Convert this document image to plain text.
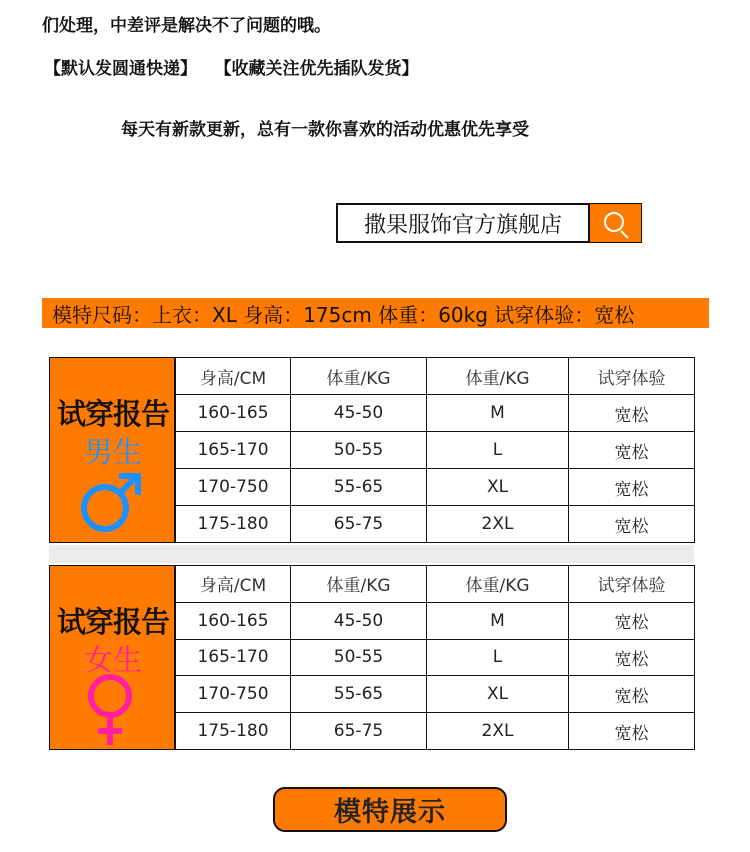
们处理，中差评是解决不了问题的哦。
【默认发圆通快递】 【收藏关注优先插队发货】
每天有新款更新，总有一款你喜欢的活动优惠优先享受
撒果服饰官方旗舰店
模特尺码：上衣：XL 身高：175cm 体重：60kg 试穿体验：宽松
试穿报告
男生
身高/CM	体重/KG	体重/KG	试穿体验
160-165	45-50	M	宽松
165-170	50-55	L	宽松
170-750	55-65	XL	宽松
175-180	65-75	2XL	宽松
试穿报告
女生
身高/CM	体重/KG	体重/KG	试穿体验
160-165	45-50	M	宽松
165-170	50-55	L	宽松
170-750	55-65	XL	宽松
175-180	65-75	2XL	宽松
模特展示
